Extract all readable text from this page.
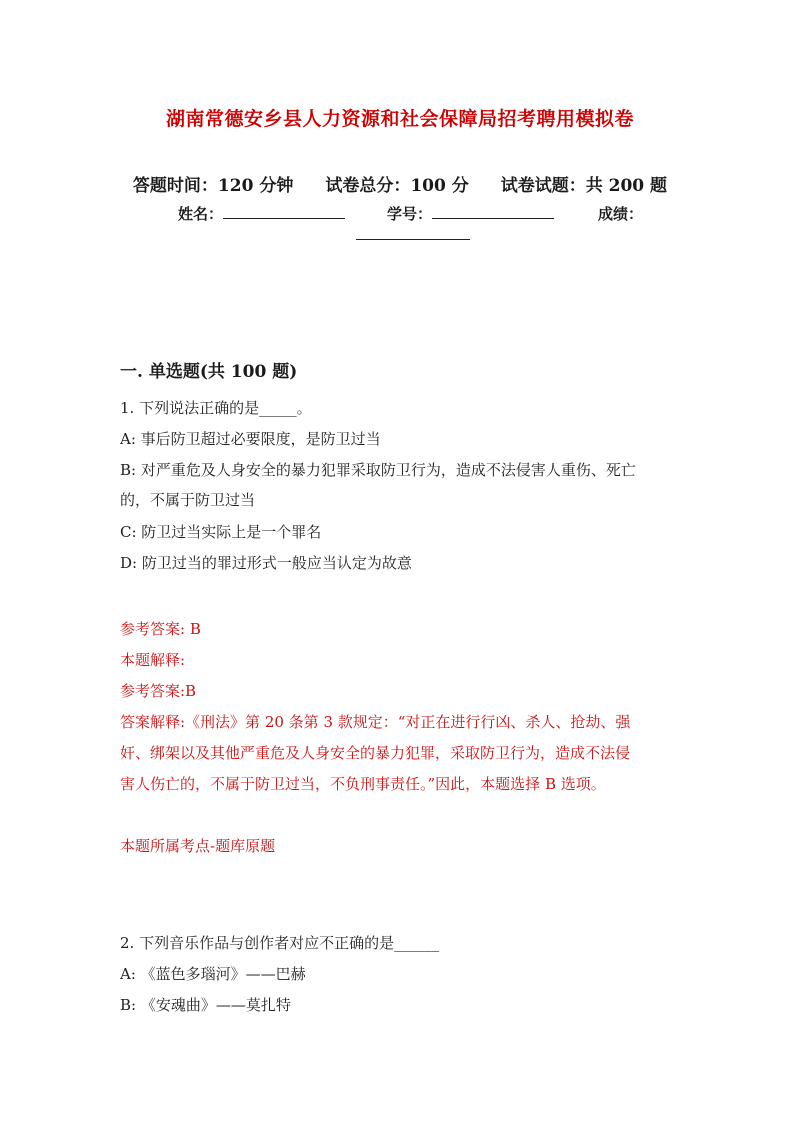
湖南常德安乡县人力资源和社会保障局招考聘用模拟卷
答题时间：120 分钟 试卷总分：100 分 试卷试题：共 200 题
姓名：	学号：	成绩：
一. 单选题(共 100 题)
1. 下列说法正确的是_____。
A: 事后防卫超过必要限度，是防卫过当
B: 对严重危及人身安全的暴力犯罪采取防卫行为，造成不法侵害人重伤、死亡
的，不属于防卫过当
C: 防卫过当实际上是一个罪名
D: 防卫过当的罪过形式一般应当认定为故意
参考答案: B
本题解释:
参考答案:B
答案解释:《刑法》第 20 条第 3 款规定：“对正在进行行凶、杀人、抢劫、强
奸、绑架以及其他严重危及人身安全的暴力犯罪，采取防卫行为，造成不法侵
害人伤亡的，不属于防卫过当，不负刑事责任。”因此，本题选择 B 选项。
本题所属考点-题库原题
2. 下列音乐作品与创作者对应不正确的是______
A: 《蓝色多瑙河》——巴赫
B: 《安魂曲》——莫扎特
